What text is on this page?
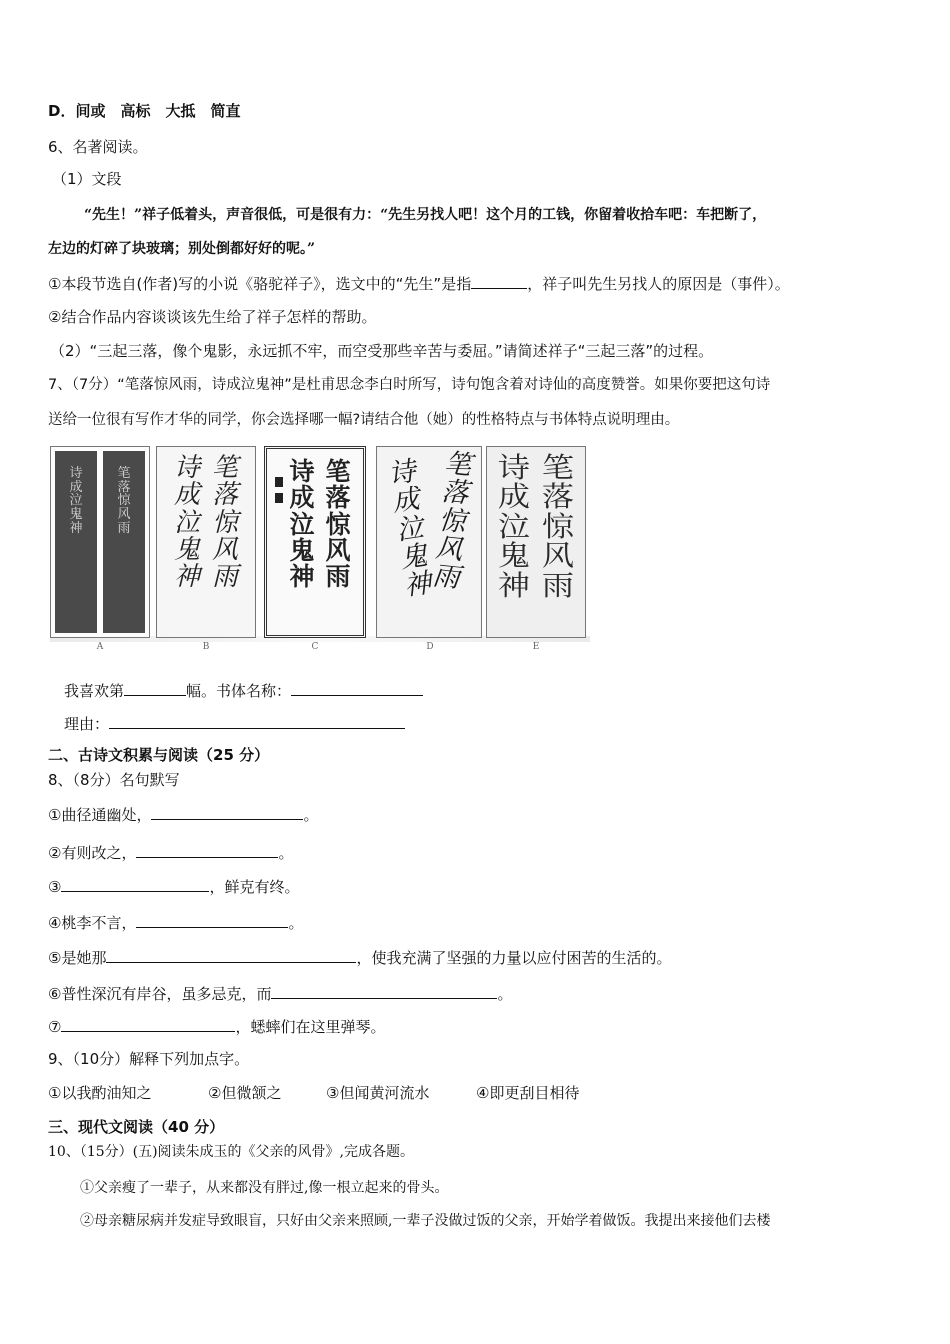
D．间或　高标　大抵　简直
6、名著阅读。
（1）文段
“先生！”祥子低着头，声音很低，可是很有力：“先生另找人吧！这个月的工钱，你留着收拾车吧：车把断了，
左边的灯碎了块玻璃；别处倒都好好的呢。”
①本段节选自(作者)写的小说《骆驼祥子》，选文中的“先生”是指	，祥子叫先生另找人的原因是（事件）。
②结合作品内容谈谈该先生给了祥子怎样的帮助。
（2）“三起三落，像个鬼影，永远抓不牢，而空受那些辛苦与委屈。”请简述祥子“三起三落”的过程。
7、（7分）“笔落惊风雨，诗成泣鬼神”是杜甫思念李白时所写，诗句饱含着对诗仙的高度赞誉。如果你要把这句诗
送给一位很有写作才华的同学，你会选择哪一幅?请结合他（她）的性格特点与书体特点说明理由。
诗成泣鬼神
笔落惊风雨
A
诗成泣鬼神
笔落惊风雨
B
诗成泣鬼神
笔落惊风雨
C
诗成泣鬼神
笔落惊风雨
D
诗成泣鬼神
笔落惊风雨
E
我喜欢第	幅。书体名称：
理由：
二、古诗文积累与阅读（25 分）
8、（8分）名句默写
①曲径通幽处，	。
②有则改之，	。
③	，鲜克有终。
④桃李不言，	。
⑤是她那	，使我充满了坚强的力量以应付困苦的生活的。
⑥普性深沉有岸谷，虽多忌克，而	。
⑦	，蟋蟀们在这里弹琴。
9、（10分）解释下列加点字。
①以我酌油知之	②但微颔之	③但闻黄河流水	④即更刮目相待
三、现代文阅读（40 分）
10、（15分）(五)阅读朱成玉的《父亲的风骨》,完成各题。
①父亲瘦了一辈子，从来都没有胖过,像一根立起来的骨头。
②母亲糖尿病并发症导致眼盲，只好由父亲来照顾,一辈子没做过饭的父亲，开始学着做饭。我提出来接他们去楼
